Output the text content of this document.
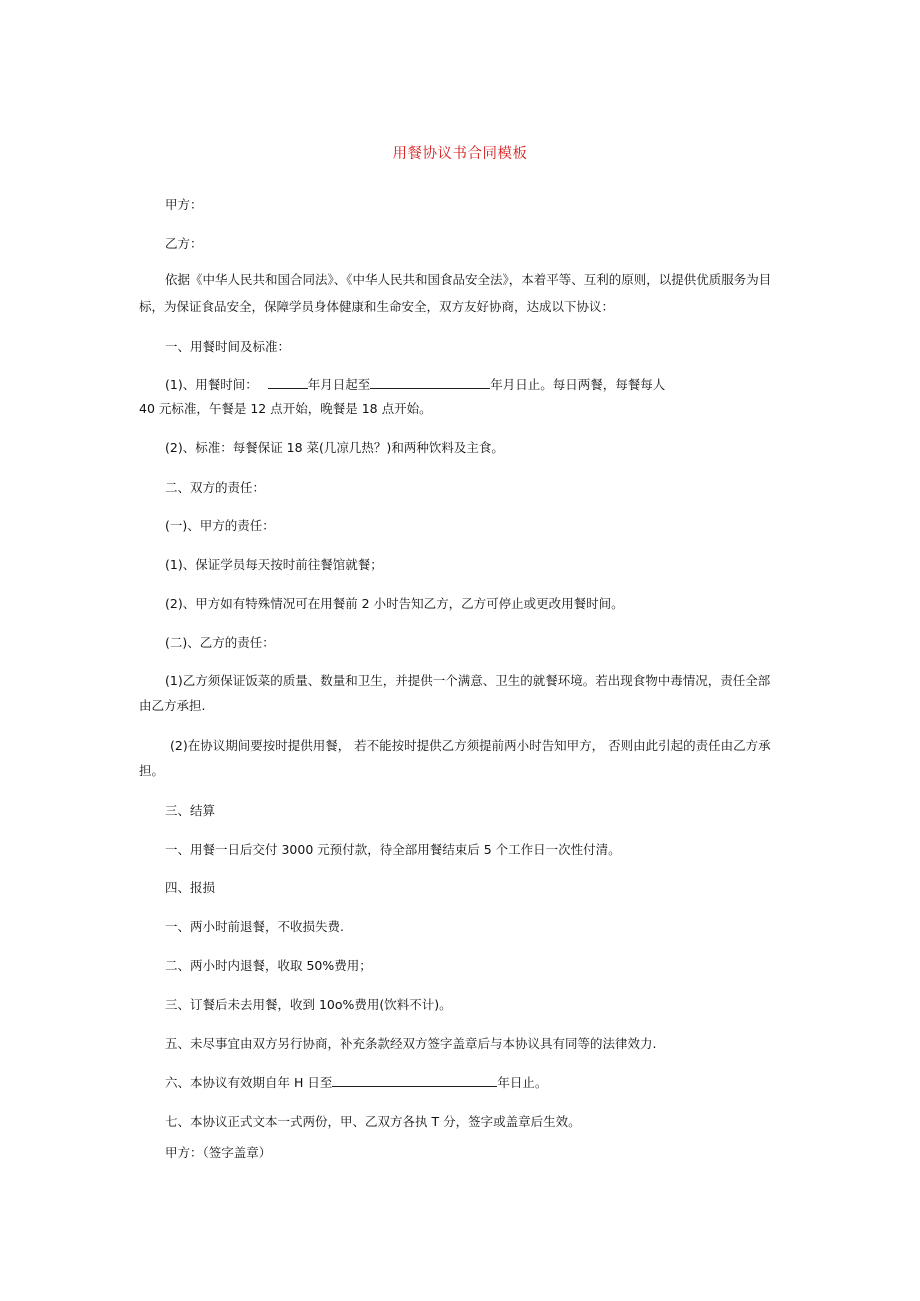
用餐协议书合同模板
甲方：
乙方：
依据《中华人民共和国合同法》、《中华人民共和国食品安全法》，本着平等、互利的原则，以提供优质服务为目
标，为保证食品安全，保障学员身体健康和生命安全，双方友好协商，达成以下协议：
一、用餐时间及标准：
(1)、用餐时间：	年月日起至	年月日止。每日两餐，每餐每人
40 元标准，午餐是 12 点开始，晚餐是 18 点开始。
(2)、标准：每餐保证 18 菜(几凉几热？)和两种饮料及主食。
二、双方的责任：
(一)、甲方的责任：
(1)、保证学员每天按时前往餐馆就餐；
(2)、甲方如有特殊情况可在用餐前 2 小时告知乙方，乙方可停止或更改用餐时间。
(二)、乙方的责任：
(1)乙方须保证饭菜的质量、数量和卫生，并提供一个满意、卫生的就餐环境。若出现食物中毒情况，责任全部
由乙方承担.
(2)在协议期间要按时提供用餐， 若不能按时提供乙方须提前两小时告知甲方， 否则由此引起的责任由乙方承
担。
三、结算
一、用餐一日后交付 3000 元预付款，待全部用餐结束后 5 个工作日一次性付清。
四、报损
一、两小时前退餐，不收损失费.
二、两小时内退餐，收取 50%费用；
三、订餐后未去用餐，收到 10o%费用(饮料不计)。
五、未尽事宜由双方另行协商，补充条款经双方签字盖章后与本协议具有同等的法律效力.
六、本协议有效期自年 H 日至	年日止。
七、本协议正式文本一式两份，甲、乙双方各执 T 分，签字或盖章后生效。
甲方：（签字盖章）
